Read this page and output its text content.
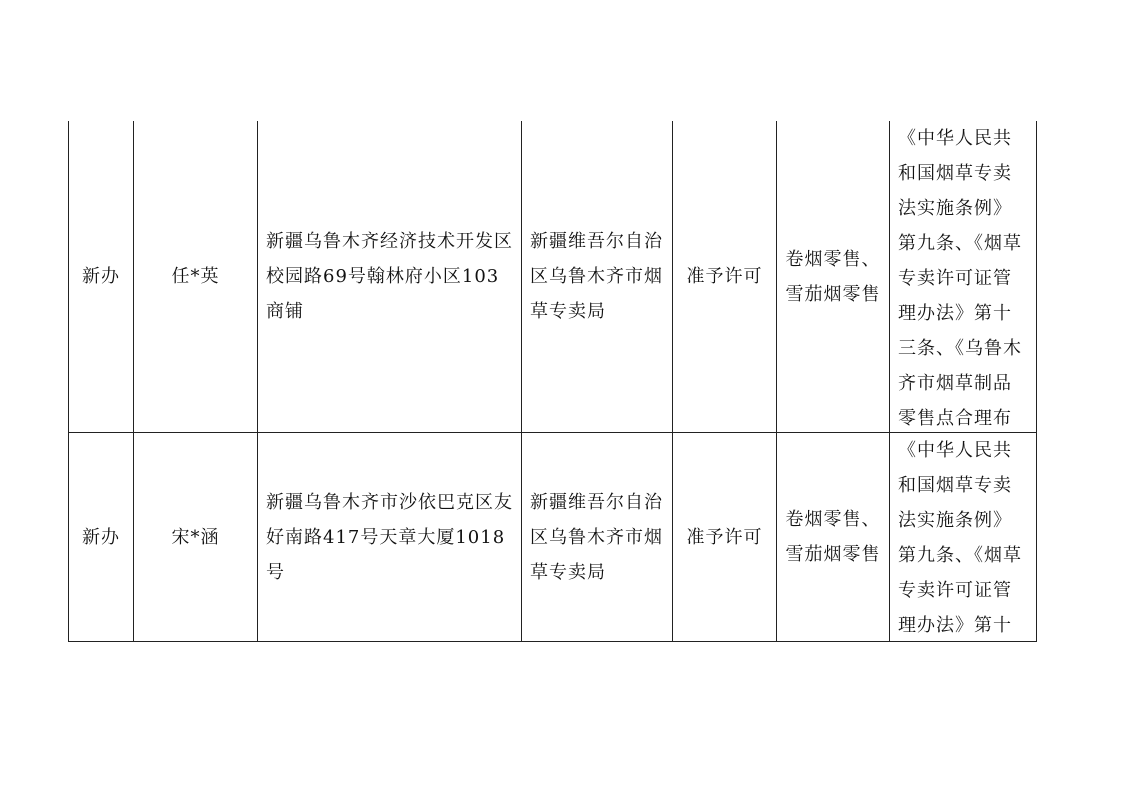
新办	任*英	新疆乌鲁木齐经济技术开发区校园路69号翰林府小区103商铺	新疆维吾尔自治区乌鲁木齐市烟草专卖局	准予许可	卷烟零售、雪茄烟零售	《中华人民共和国烟草专卖法实施条例》第九条、《烟草专卖许可证管理办法》第十三条、《乌鲁木齐市烟草制品零售点合理布

新办	宋*涵	新疆乌鲁木齐市沙依巴克区友好南路417号天章大厦1018号	新疆维吾尔自治区乌鲁木齐市烟草专卖局	准予许可	卷烟零售、雪茄烟零售	《中华人民共和国烟草专卖法实施条例》第九条、《烟草专卖许可证管理办法》第十
